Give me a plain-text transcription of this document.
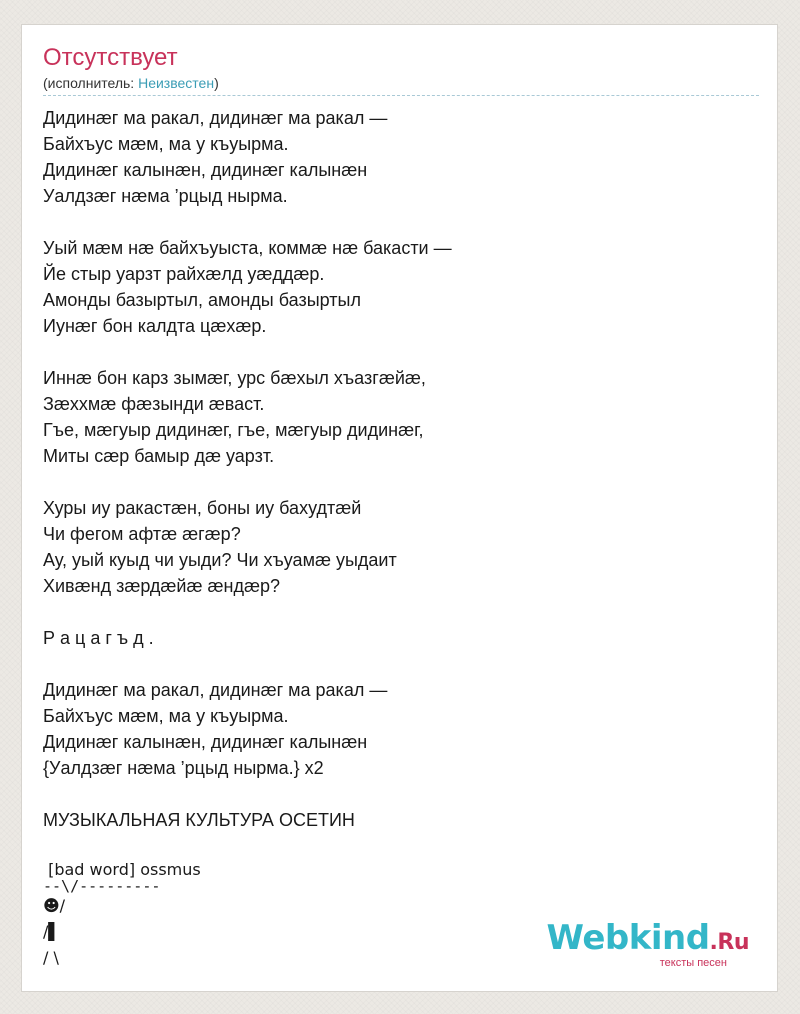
Отсутствует
(исполнитель: Неизвестен)
Дидинæг ма ракал, дидинæг ма ракал —
Байхъус мæм, ма у къуырма.
Дидинæг калынæн, дидинæг калынæн
Уалдзæг нæма ’рцыд нырма.
Уый мæм нæ байхъуыста, коммæ нæ бакасти —
Йе стыр уарзт райхæлд уæддæр.
Амонды базыртыл, амонды базыртыл
Иунæг бон калдта цæхæр.
Иннæ бон карз зымæг, урс бæхыл хъазгæйæ,
Зæххмæ фæзынди æваст.
Гъе, мæгуыр дидинæг, гъе, мæгуыр дидинæг,
Миты сæр бамыр дæ уарзт.
Хуры иу ракастæн, боны иу бахудтæй
Чи фегом афтæ æгæр?
Ау, уый куыд чи уыди? Чи хъуамæ уыдаит
Хивæнд зæрдæйæ æндæр?
Р а ц а г ъ д .
Дидинæг ма ракал, дидинæг ма ракал —
Байхъус мæм, ма у къуырма.
Дидинæг калынæн, дидинæг калынæн
{Уалдзæг нæма ’рцыд нырма.} х2
МУЗЫКАЛЬНАЯ КУЛЬТУРА ОСЕТИН
[bad word] ossmus
--\/---------
☻/
/▌
/ \	Webkind.Ru
тексты песен
